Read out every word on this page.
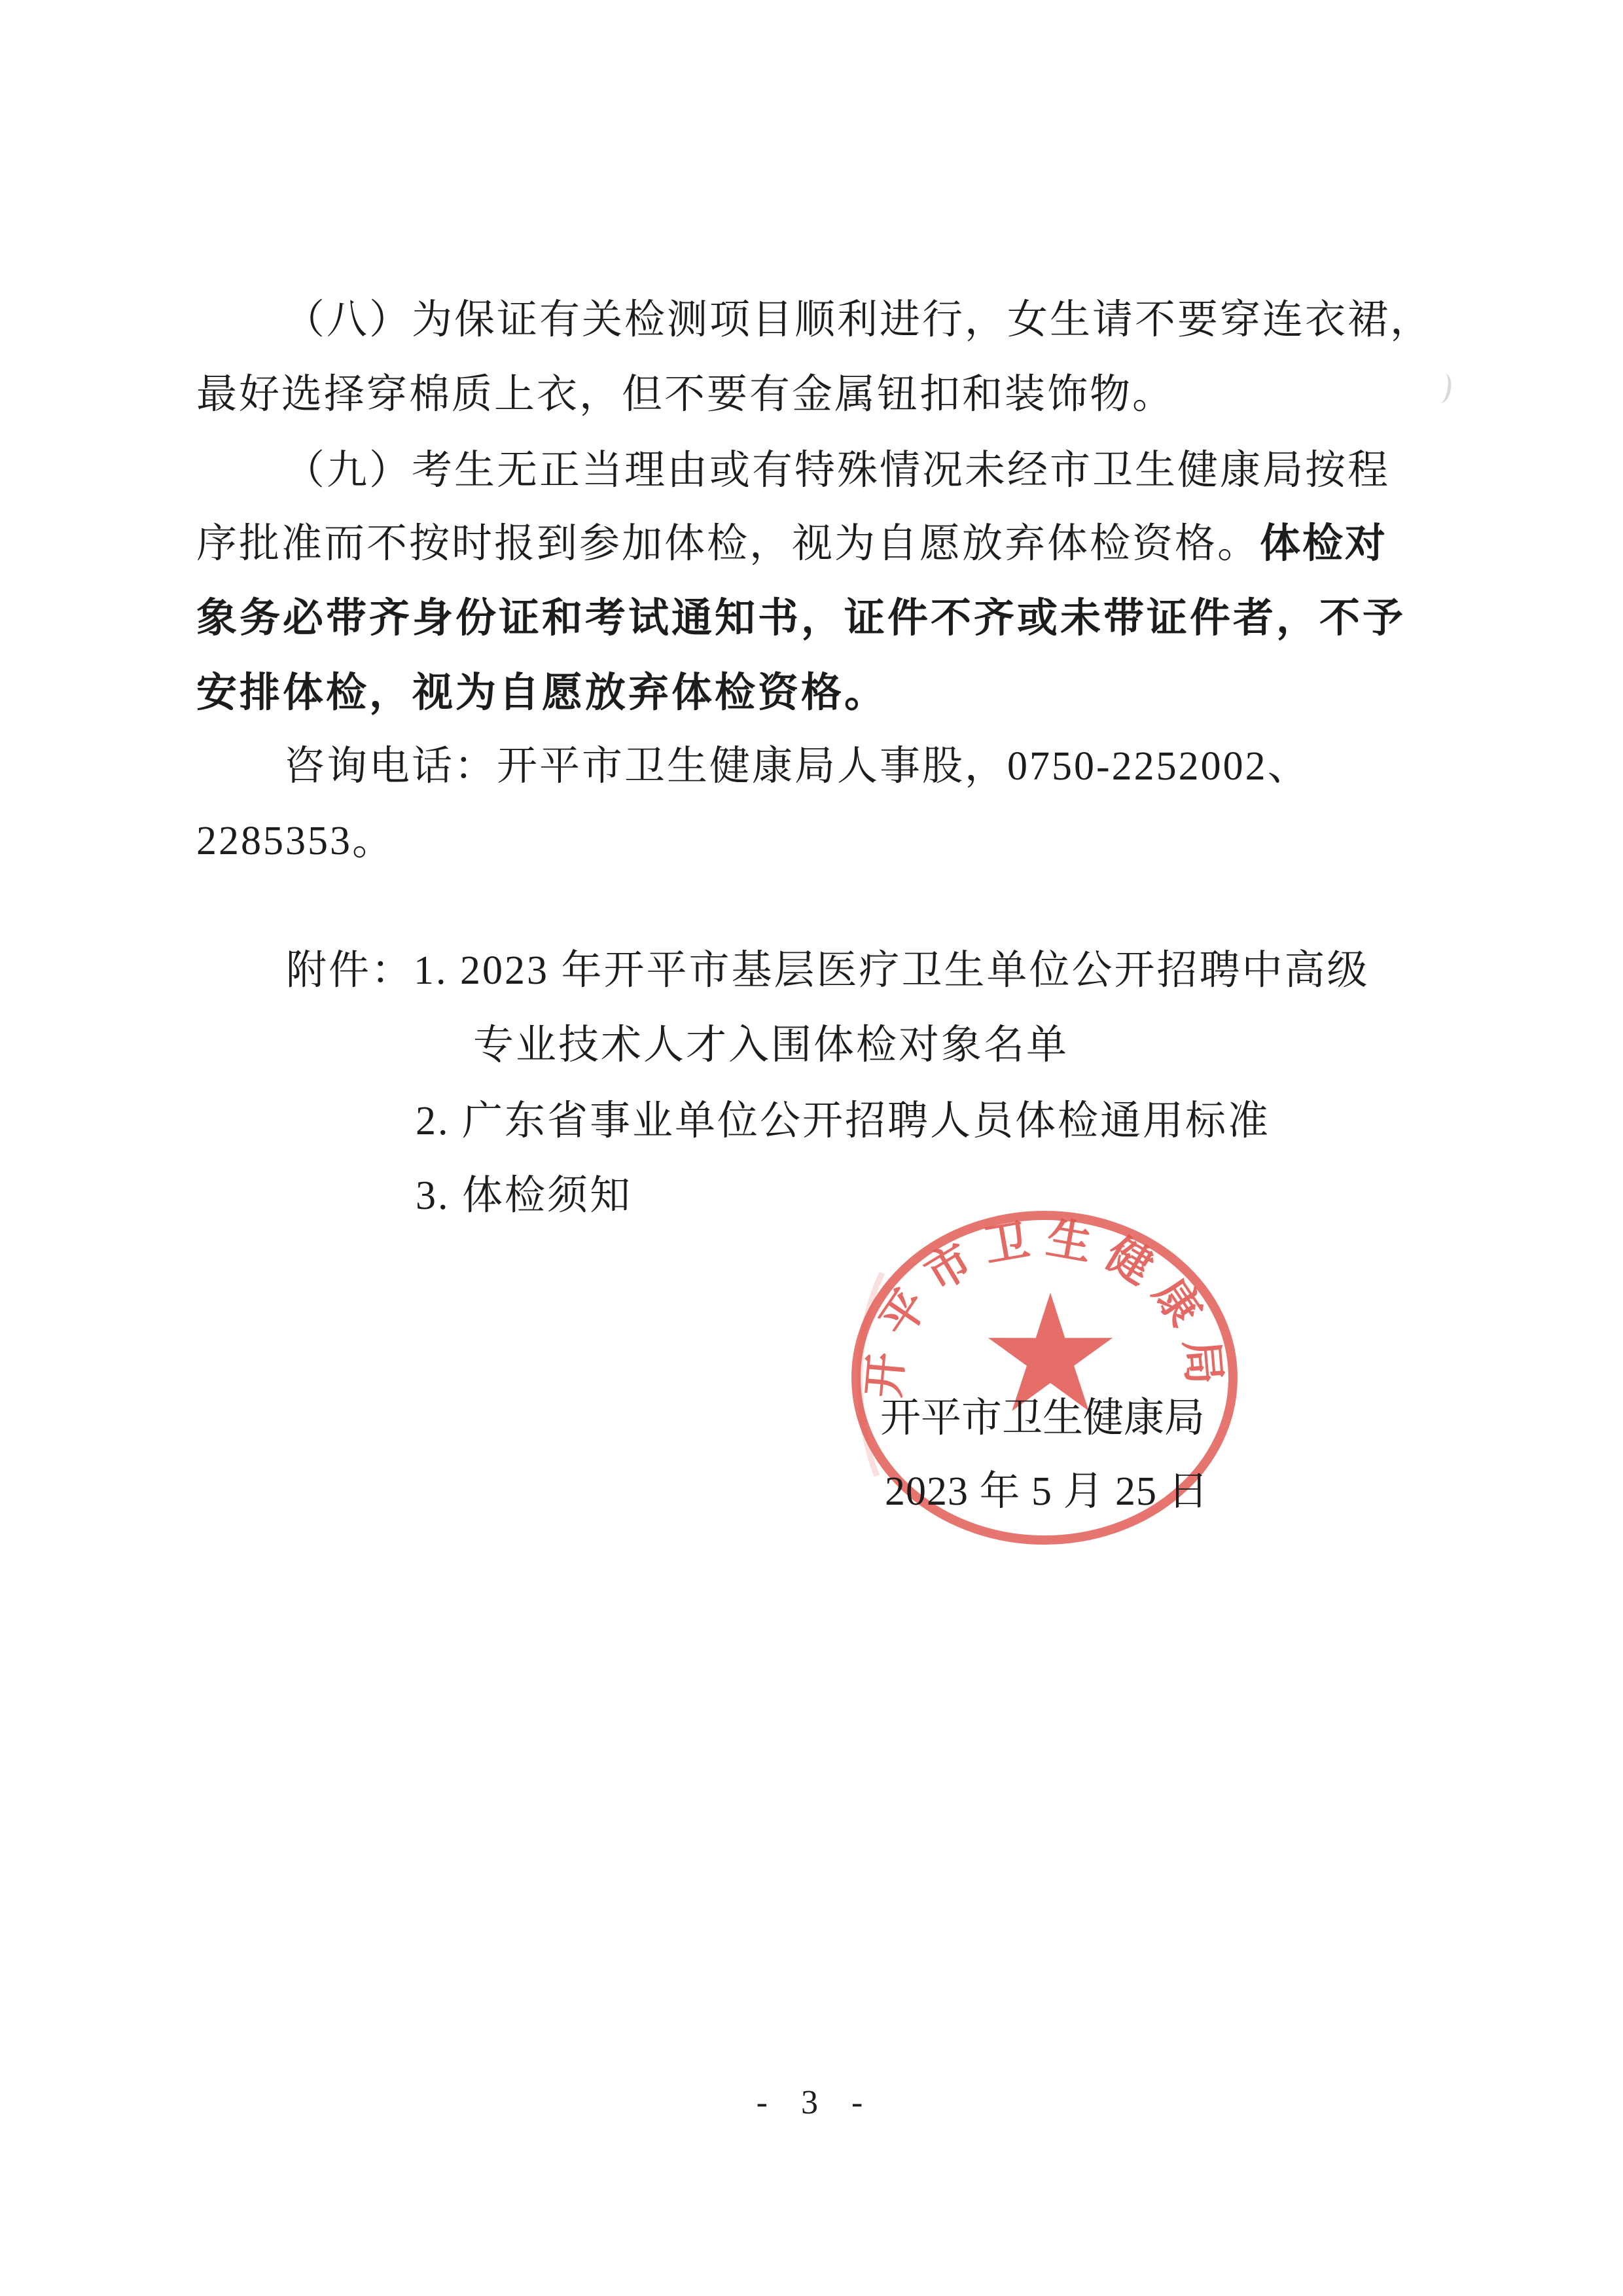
（八）为保证有关检测项目顺利进行，女生请不要穿连衣裙，
最好选择穿棉质上衣，但不要有金属钮扣和装饰物。
（九）考生无正当理由或有特殊情况未经市卫生健康局按程
序批准而不按时报到参加体检，视为自愿放弃体检资格。体检对
象务必带齐身份证和考试通知书，证件不齐或未带证件者，不予
安排体检，视为自愿放弃体检资格。
咨询电话：开平市卫生健康局人事股，0750-2252002、
2285353。
附件：1. 2023 年开平市基层医疗卫生单位公开招聘中高级
专业技术人才入围体检对象名单
2. 广东省事业单位公开招聘人员体检通用标准
3. 体检须知
开平市卫生健康局
开平市卫生健康局
2023 年 5 月 25 日
- 3 -
